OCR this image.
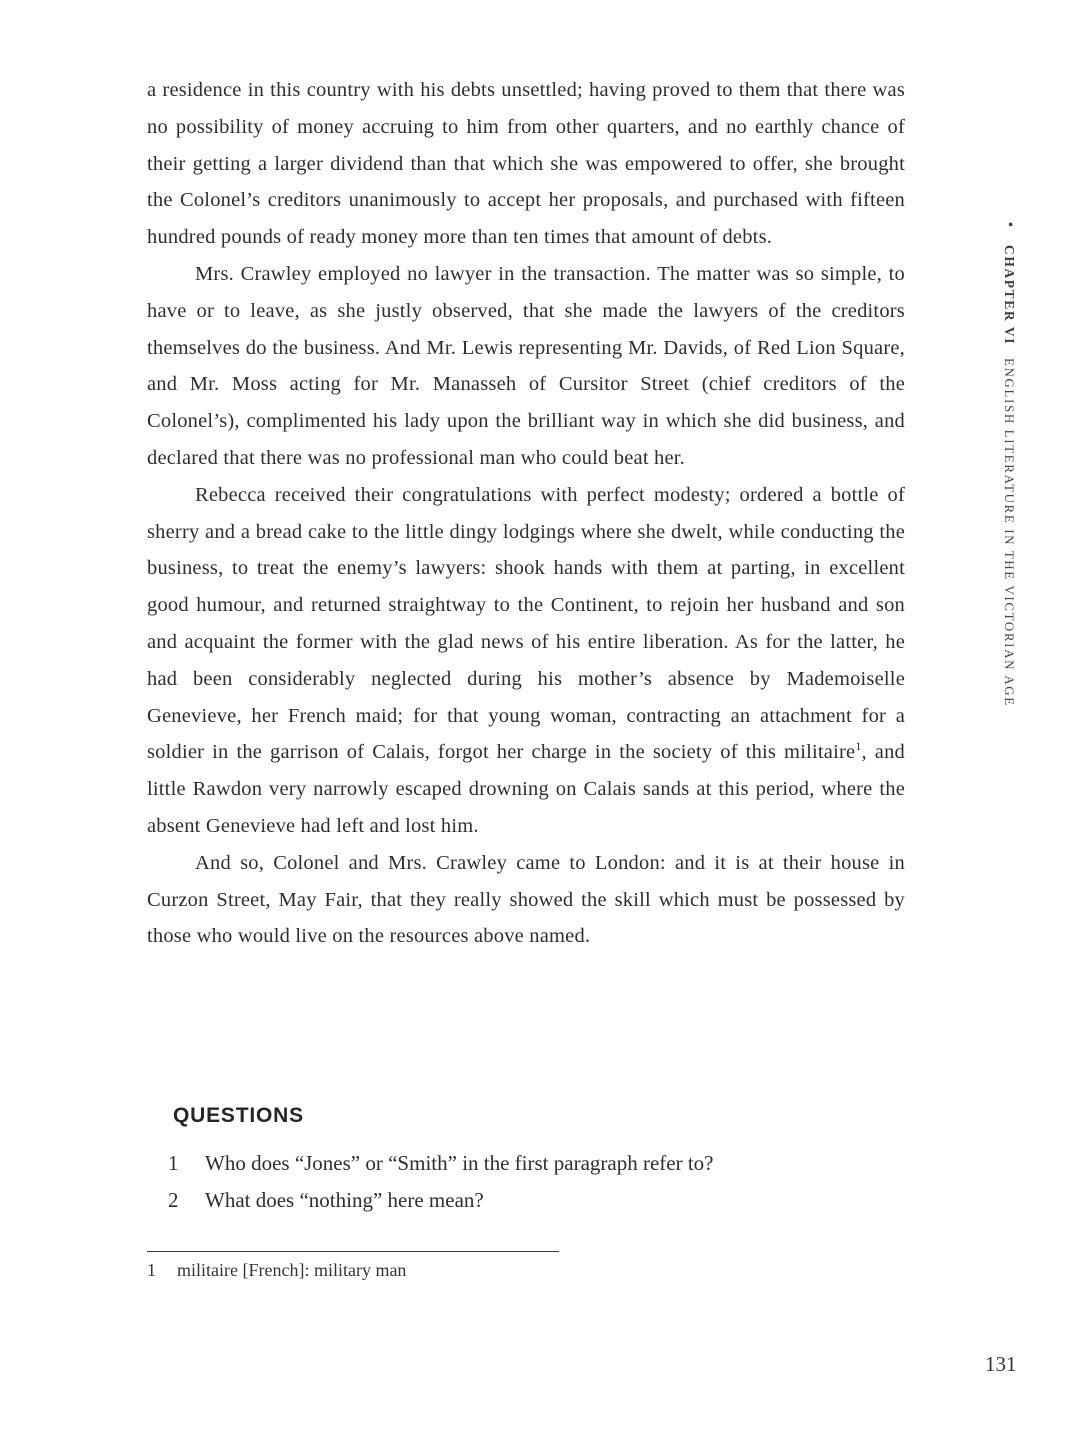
a residence in this country with his debts unsettled; having proved to them that there was no possibility of money accruing to him from other quarters, and no earthly chance of their getting a larger dividend than that which she was empowered to offer, she brought the Colonel’s creditors unanimously to accept her proposals, and purchased with fifteen hundred pounds of ready money more than ten times that amount of debts.

Mrs. Crawley employed no lawyer in the transaction. The matter was so simple, to have or to leave, as she justly observed, that she made the lawyers of the creditors themselves do the business. And Mr. Lewis representing Mr. Davids, of Red Lion Square, and Mr. Moss acting for Mr. Manasseh of Cursitor Street (chief creditors of the Colonel’s), complimented his lady upon the brilliant way in which she did business, and declared that there was no professional man who could beat her.

Rebecca received their congratulations with perfect modesty; ordered a bottle of sherry and a bread cake to the little dingy lodgings where she dwelt, while conducting the business, to treat the enemy’s lawyers: shook hands with them at parting, in excellent good humour, and returned straightway to the Continent, to rejoin her husband and son and acquaint the former with the glad news of his entire liberation. As for the latter, he had been considerably neglected during his mother’s absence by Mademoiselle Genevieve, her French maid; for that young woman, contracting an attachment for a soldier in the garrison of Calais, forgot her charge in the society of this militaire$^1$, and little Rawdon very narrowly escaped drowning on Calais sands at this period, where the absent Genevieve had left and lost him.

And so, Colonel and Mrs. Crawley came to London: and it is at their house in Curzon Street, May Fair, that they really showed the skill which must be possessed by those who would live on the resources above named.

QUESTIONS
1	Who does “Jones” or “Smith” in the first paragraph refer to?
2	What does “nothing” here mean?
1	militaire [French]: military man
• CHAPTER VI ENGLISH LITERATURE IN THE VICTORIAN AGE
131
